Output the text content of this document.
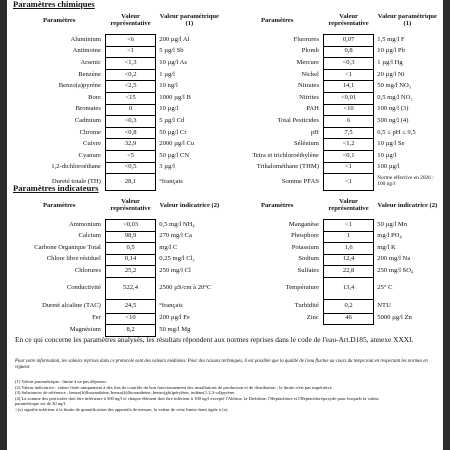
Paramètres chimiques
Paramètres	Valeur représentative	Valeur paramétrique (1)
Aluminium	<6	200 µg/l Al
Antimoine	<1	5 µg/l Sb
Arsenic	<1,3	10 µg/l As
Benzène	<0,2	1 µg/l
Benzo(a)pyrène	<2,5	10 ng/l
Bore	<15	1000 µg/l B
Bromates	0	10 µg/l
Cadmium	<0,3	5 µg/l Cd
Chrome	<0,8	50 µg/l Cr
Cuivre	32,9	2000 µg/l Cu
Cyanure	<5	50 µg/l CN
1,2-dichloroéthane	<0,5	3 µg/l
Dureté totale (TH)	28,1	°français
Paramètres	Valeur représentative	Valeur paramétrique (1)
Fluorures	0,07	1,5 mg/l F
Plomb	0,8	10 µg/l Pb
Mercure	<0,3	1 µg/l Hg
Nickel	<1	20 µg/l Ni
Nitrates	14,1	50 mg/l NO₃
Nitrites	<0,01	0,5 mg/l NO₂
PAH	<10	100 ng/l (3)
Total Pesticides	6	500 ng/l (4)
pH	7,5	6,5 ≤ pH ≤ 9,5
Sélénium	<1,2	10 µg/l Se
Tetra et trichloroéthylène	<0,1	10 µg/l
Trihalométhane (THM)	<1	100 µg/l
Somme PFAS	<1	Norme effective en 2026 : 100 ng/l
Paramètres indicateurs
Paramètres	Valeur représentative	Valeur indicatrice (2)
Ammonium	<0,03	0,5 mg/l NH₄
Calcium	98,9	270 mg/l Ca
Carbone Organique Total	0,5	mg/l C
Chlore libre résiduel	0,14	0,25 mg/l Cl₂
Chlorures	25,2	250 mg/l Cl
Conductivité	522,4	2500 µS/cm à 20°C
Dureté alcaline (TAC)	24,5	°français
Fer	<10	200 µg/l Fe
Magnésium	8,2	50 mg/l Mg
Paramètres	Valeur représentative	Valeur indicatrice (2)
Manganèse	<1	50 µg/l Mn
Phosphore	1	mg/l PO₄
Potassium	1,6	mg/l K
Sodium	12,4	200 mg/l Na
Sulfates	22,8	250 mg/l SO₄
Température	13,4	25° C
Turbidité	0,2	NTU
Zinc	46	5000 µg/l Zn
En ce qui concerne les paramètres analysés, les résultats répondent aux normes reprises dans le code de l'eau-Art.D185, annexe XXXI.
Pour votre information, les valeurs reprises dans ce protocole sont des valeurs médianes. Pour des raisons techniques, il est possible que la qualité de l'eau fluctue au cours du temps tout en respectant les normes en vigueur.
(1) Valeur paramétrique : limite à ne pas dépasser.
(2) Valeur indicatrice : valeur fixée uniquement à des fins de contrôle du bon fonctionnement des installations de production et de distribution ; la limite n'est pas impérative.
(3) Substances de référence : benzo(b)fluoranthène, benzo(k)fluoranthène, benzo(ghi)pérylène, indéno(1,2,3-cd)pyrène.
(4) La somme des pesticides doit être inférieure à 500 ng/l et chaque élément doit être inférieur à 100 ng/l excepté l'Aldrine, la Dieldrine, l'Heptachlore et l'Heptachlorépoxyde pour lesquels la valeur
paramétrique est de 30 ng/l.
<(x) signifie inférieur à la limite de quantification des appareils de mesure, la valeur de cette limite étant égale à (x).
